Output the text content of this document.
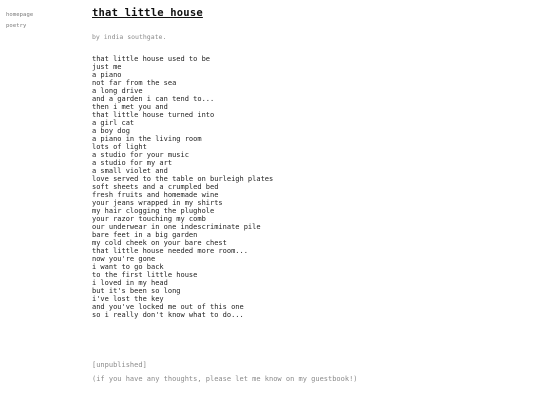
homepage
poetry
that little house
by india southgate.
that little house used to be
just me
a piano
not far from the sea
a long drive
and a garden i can tend to...
then i met you and
that little house turned into
a girl cat
a boy dog
a piano in the living room
lots of light
a studio for your music
a studio for my art
a small violet and
love served to the table on burleigh plates
soft sheets and a crumpled bed
fresh fruits and homemade wine
your jeans wrapped in my shirts
my hair clogging the plughole
your razor touching my comb
our underwear in one indescriminate pile
bare feet in a big garden
my cold cheek on your bare chest
that little house needed more room...
now you're gone
i want to go back
to the first little house
i loved in my head
but it's been so long
i've lost the key
and you've locked me out of this one
so i really don't know what to do...
[unpublished]
(if you have any thoughts, please let me know on my guestbook!)
